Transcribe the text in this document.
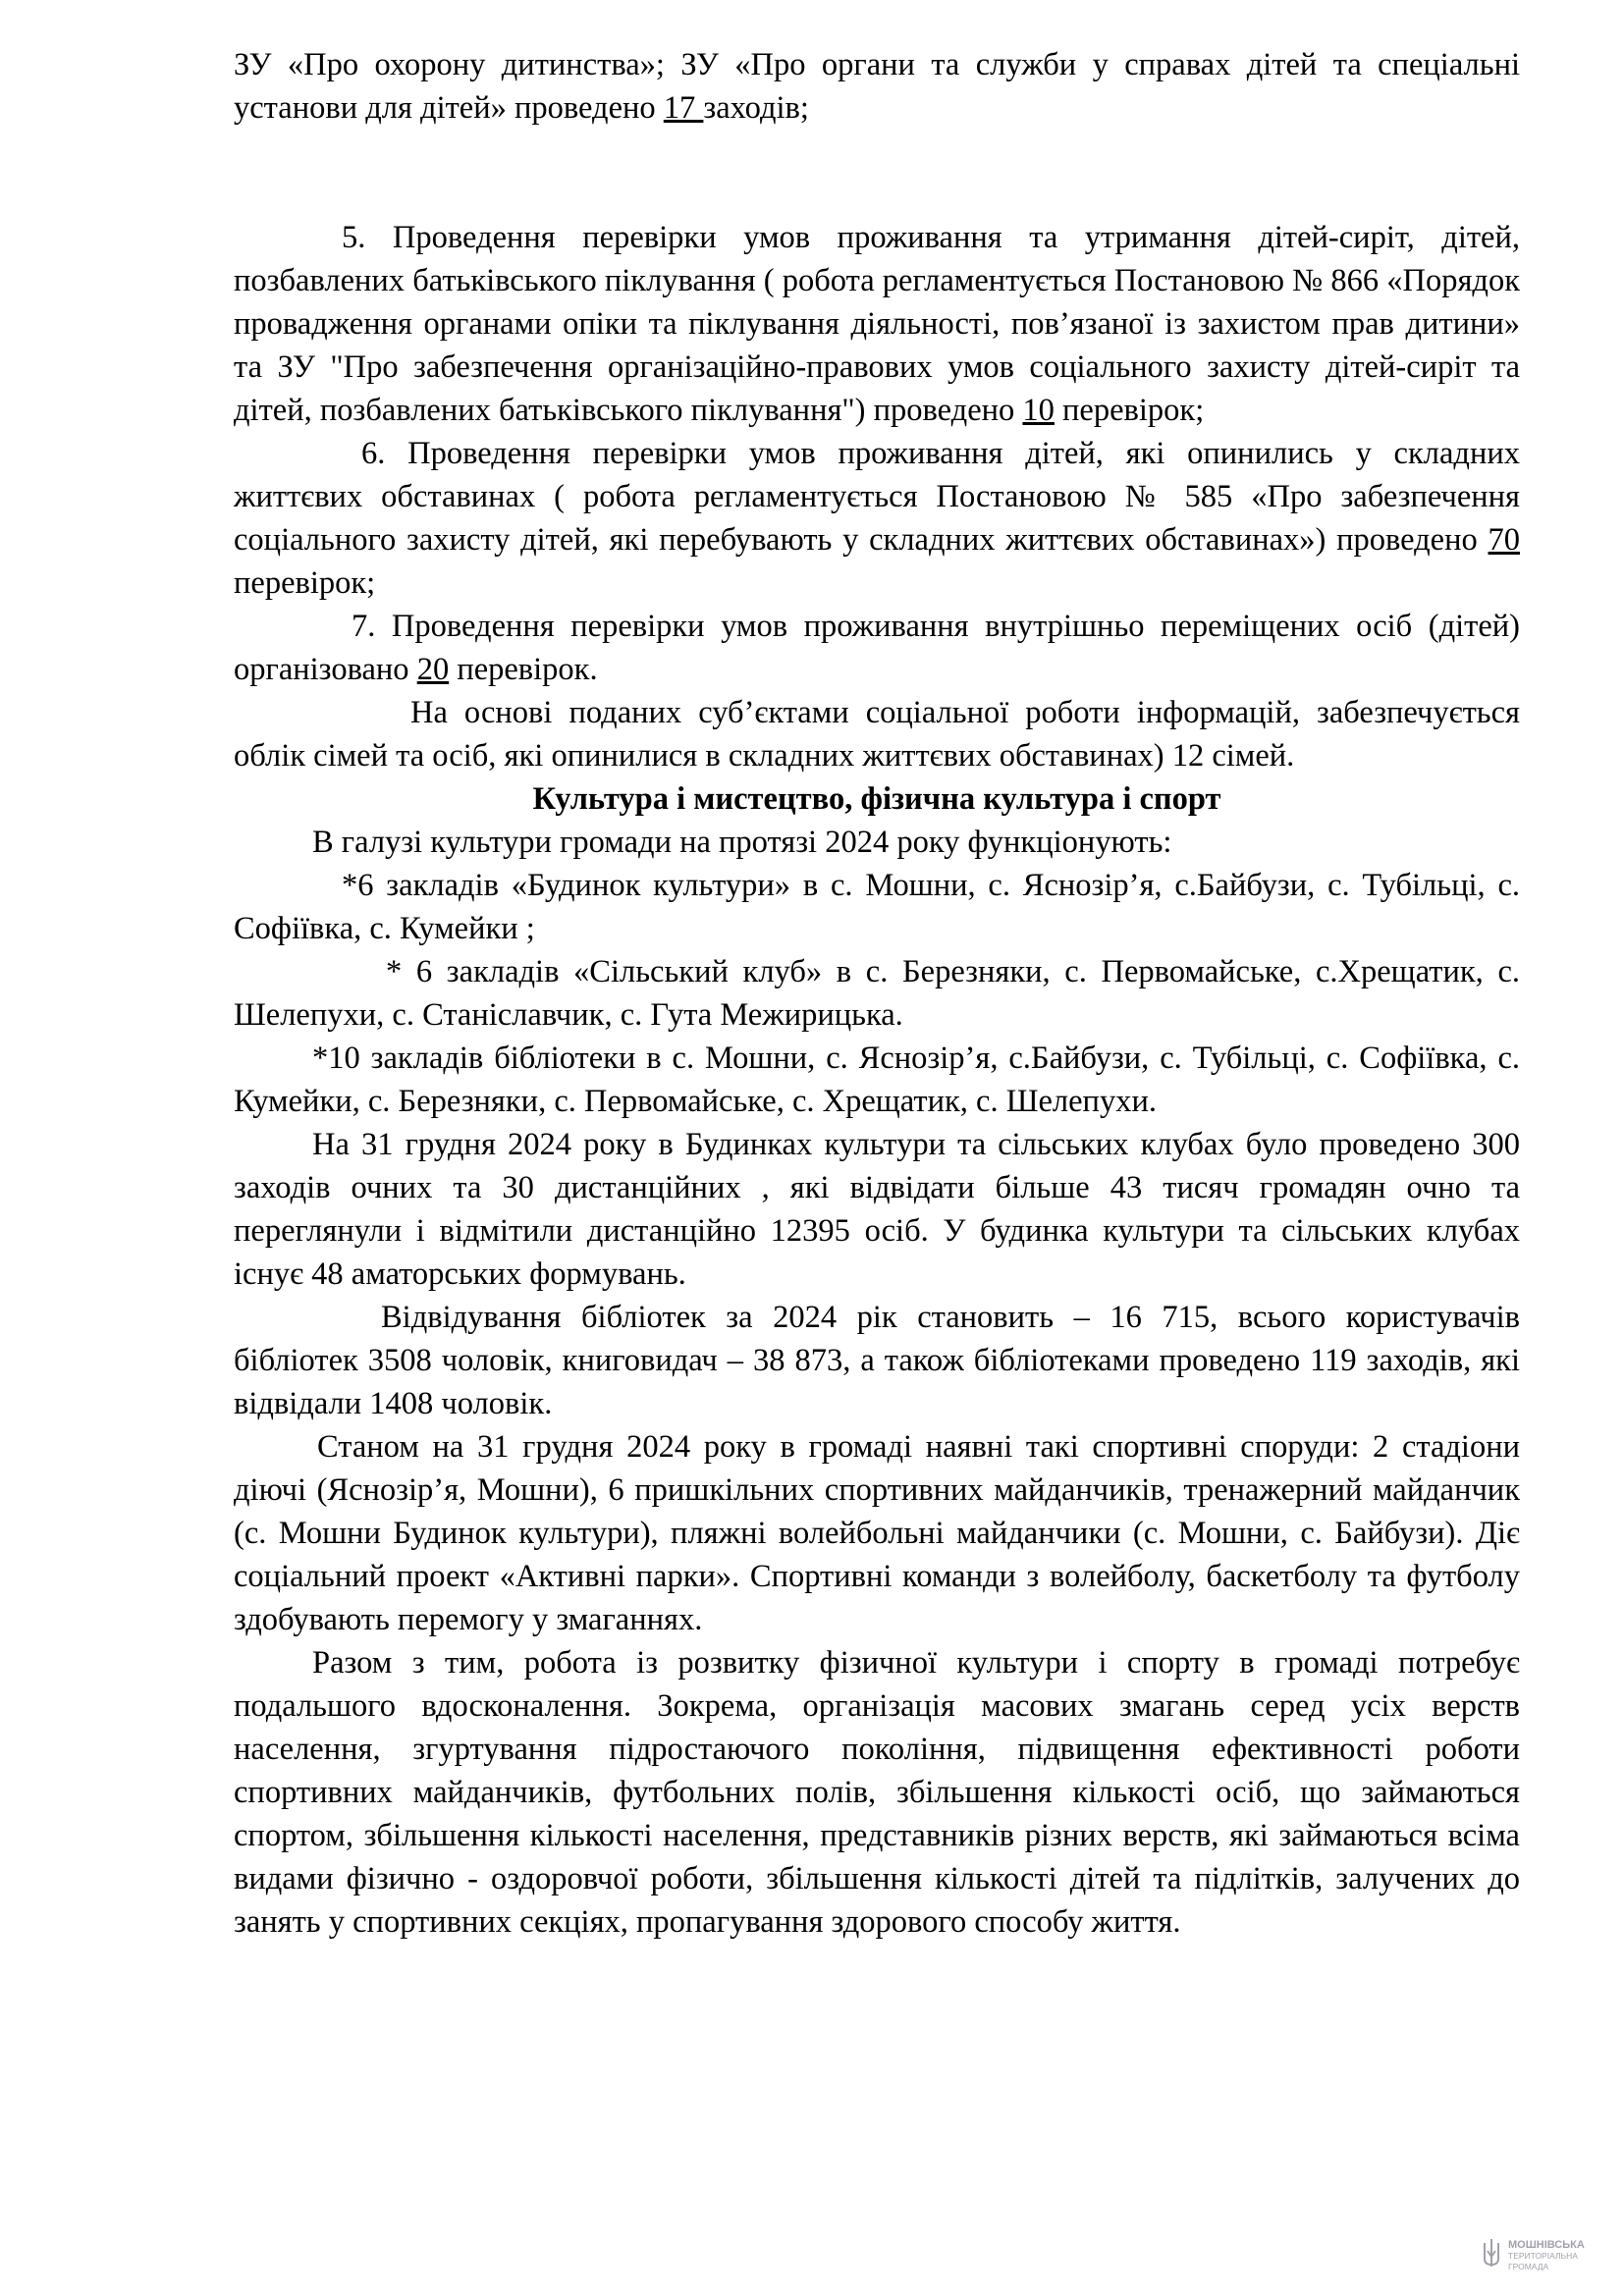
ЗУ «Про охорону дитинства»; ЗУ «Про органи та служби у справах дітей та спеціальні установи для дітей» проведено 17 заходів;

5. Проведення перевірки умов проживання та утримання дітей-сиріт, дітей, позбавлених батьківського піклування ( робота регламентується Постановою № 866 «Порядок провадження органами опіки та піклування діяльності, пов’язаної із захистом прав дитини» та ЗУ "Про забезпечення організаційно-правових умов соціального захисту дітей-сиріт та дітей, позбавлених батьківського піклування") проведено 10 перевірок;

6. Проведення перевірки умов проживання дітей, які опинились у складних життєвих обставинах ( робота регламентується Постановою № 585 «Про забезпечення соціального захисту дітей, які перебувають у складних життєвих обставинах») проведено 70 перевірок;

7. Проведення перевірки умов проживання внутрішньо переміщених осіб (дітей) організовано 20 перевірок.

На основі поданих суб’єктами соціальної роботи інформацій, забезпечується облік сімей та осіб, які опинилися в складних життєвих обставинах) 12 сімей.

Культура і мистецтво, фізична культура і спорт

В галузі культури громади на протязі 2024 року функціонують:

*6 закладів «Будинок культури» в с. Мошни, с. Яснозір’я, с.Байбузи, с. Тубільці, с. Софіївка, с. Кумейки ;

* 6 закладів «Сільський клуб» в с. Березняки, с. Первомайське, с.Хрещатик, с. Шелепухи, с. Станіславчик, с. Гута Межирицька.

*10 закладів бібліотеки в с. Мошни, с. Яснозір’я, с.Байбузи, с. Тубільці, с. Софіївка, с. Кумейки, с. Березняки, с. Первомайське, с. Хрещатик, с. Шелепухи.

На 31 грудня 2024 року в Будинках культури та сільських клубах було проведено 300 заходів очних та 30 дистанційних , які відвідати більше 43 тисяч громадян очно та переглянули і відмітили дистанційно 12395 осіб. У будинка культури та сільських клубах існує 48 аматорських формувань.

Відвідування бібліотек за 2024 рік становить – 16 715, всього користувачів бібліотек 3508 чоловік, книговидач – 38 873, а також бібліотеками проведено 119 заходів, які відвідали 1408 чоловік.

Станом на 31 грудня 2024 року в громаді наявні такі спортивні споруди: 2 стадіони діючі (Яснозір’я, Мошни), 6 пришкільних спортивних майданчиків, тренажерний майданчик (с. Мошни Будинок культури), пляжні волейбольні майданчики (с. Мошни, с. Байбузи). Діє соціальний проект «Активні парки». Спортивні команди з волейболу, баскетболу та футболу здобувають перемогу у змаганнях.

Разом з тим, робота із розвитку фізичної культури і спорту в громаді потребує подальшого вдосконалення. Зокрема, організація масових змагань серед усіх верств населення, згуртування підростаючого покоління, підвищення ефективності роботи спортивних майданчиків, футбольних полів, збільшення кількості осіб, що займаються спортом, збільшення кількості населення, представників різних верств, які займаються всіма видами фізично - оздоровчої роботи, збільшення кількості дітей та підлітків, залучених до занять у спортивних секціях, пропагування здорового способу життя.

МОШНІВСЬКА
ТЕРИТОРІАЛЬНА
ГРОМАДА
